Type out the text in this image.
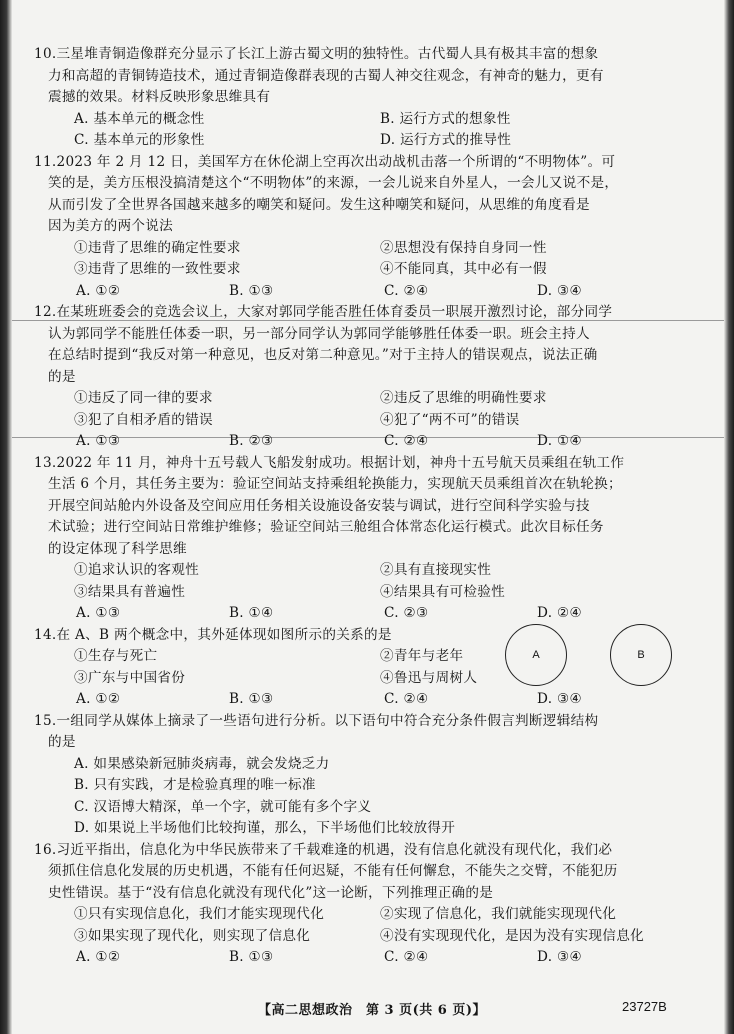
10.三星堆青铜造像群充分显示了长江上游古蜀文明的独特性。古代蜀人具有极其丰富的想象
力和高超的青铜铸造技术，通过青铜造像群表现的古蜀人神交往观念，有神奇的魅力，更有
震撼的效果。材料反映形象思维具有
A. 基本单元的概念性	B. 运行方式的想象性
C. 基本单元的形象性	D. 运行方式的推导性
11.2023 年 2 月 12 日，美国军方在休伦湖上空再次出动战机击落一个所谓的“不明物体”。可
笑的是，美方压根没搞清楚这个“不明物体”的来源，一会儿说来自外星人，一会儿又说不是，
从而引发了全世界各国越来越多的嘲笑和疑问。发生这种嘲笑和疑问，从思维的角度看是
因为美方的两个说法
①违背了思维的确定性要求	②思想没有保持自身同一性
③违背了思维的一致性要求	④不能同真，其中必有一假
A. ①②	B. ①③	C. ②④	D. ③④
12.在某班班委会的竞选会议上，大家对郭同学能否胜任体育委员一职展开激烈讨论，部分同学
认为郭同学不能胜任体委一职，另一部分同学认为郭同学能够胜任体委一职。班会主持人
在总结时提到“我反对第一种意见，也反对第二种意见。”对于主持人的错误观点，说法正确
的是
①违反了同一律的要求	②违反了思维的明确性要求
③犯了自相矛盾的错误	④犯了“两不可”的错误
A. ①③	B. ②③	C. ②④	D. ①④
13.2022 年 11 月，神舟十五号载人飞船发射成功。根据计划，神舟十五号航天员乘组在轨工作
生活 6 个月，其任务主要为：验证空间站支持乘组轮换能力，实现航天员乘组首次在轨轮换；
开展空间站舱内外设备及空间应用任务相关设施设备安装与调试，进行空间科学实验与技
术试验；进行空间站日常维护维修；验证空间站三舱组合体常态化运行模式。此次目标任务
的设定体现了科学思维
①追求认识的客观性	②具有直接现实性
③结果具有普遍性	④结果具有可检验性
A. ①③	B. ①④	C. ②③	D. ②④
14.在 A、B 两个概念中，其外延体现如图所示的关系的是
①生存与死亡	②青年与老年
③广东与中国省份	④鲁迅与周树人
A. ①②	B. ①③	C. ②④	D. ③④
15.一组同学从媒体上摘录了一些语句进行分析。以下语句中符合充分条件假言判断逻辑结构
的是
A. 如果感染新冠肺炎病毒，就会发烧乏力
B. 只有实践，才是检验真理的唯一标准
C. 汉语博大精深，单一个字，就可能有多个字义
D. 如果说上半场他们比较拘谨，那么，下半场他们比较放得开
16.习近平指出，信息化为中华民族带来了千载难逢的机遇，没有信息化就没有现代化，我们必
须抓住信息化发展的历史机遇，不能有任何迟疑，不能有任何懈怠，不能失之交臂，不能犯历
史性错误。基于“没有信息化就没有现代化”这一论断，下列推理正确的是
①只有实现信息化，我们才能实现现代化	②实现了信息化，我们就能实现现代化
③如果实现了现代化，则实现了信息化	④没有实现现代化，是因为没有实现信息化
A. ①②	B. ①③	C. ②④	D. ③④
A	B
【高二思想政治　第 3 页(共 6 页)】	23727B
